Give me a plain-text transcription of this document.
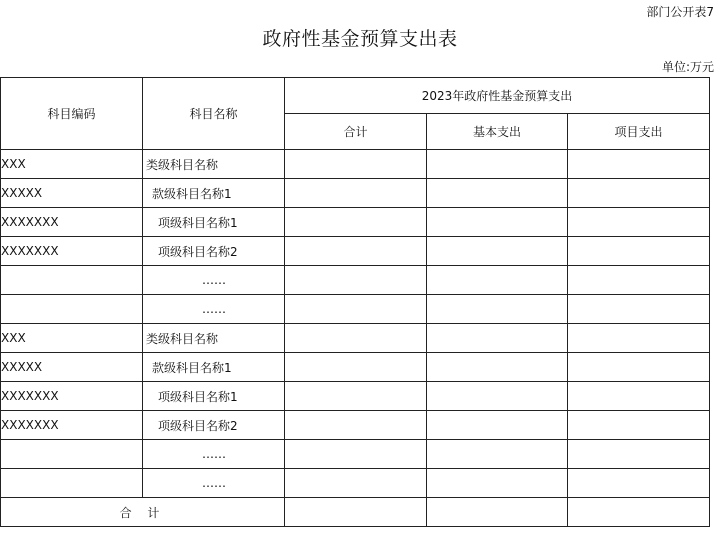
部门公开表7
政府性基金预算支出表
单位:万元
科目编码	科目名称	2023年政府性基金预算支出		
		合计	基本支出	项目支出
XXX	类级科目名称			
XXXXX	款级科目名称1			
XXXXXXX	项级科目名称1			
XXXXXXX	项级科目名称2			
	……			
	……			
XXX	类级科目名称			
XXXXX	款级科目名称1			
XXXXXXX	项级科目名称1			
XXXXXXX	项级科目名称2			
	……			
	……			
合 计				
